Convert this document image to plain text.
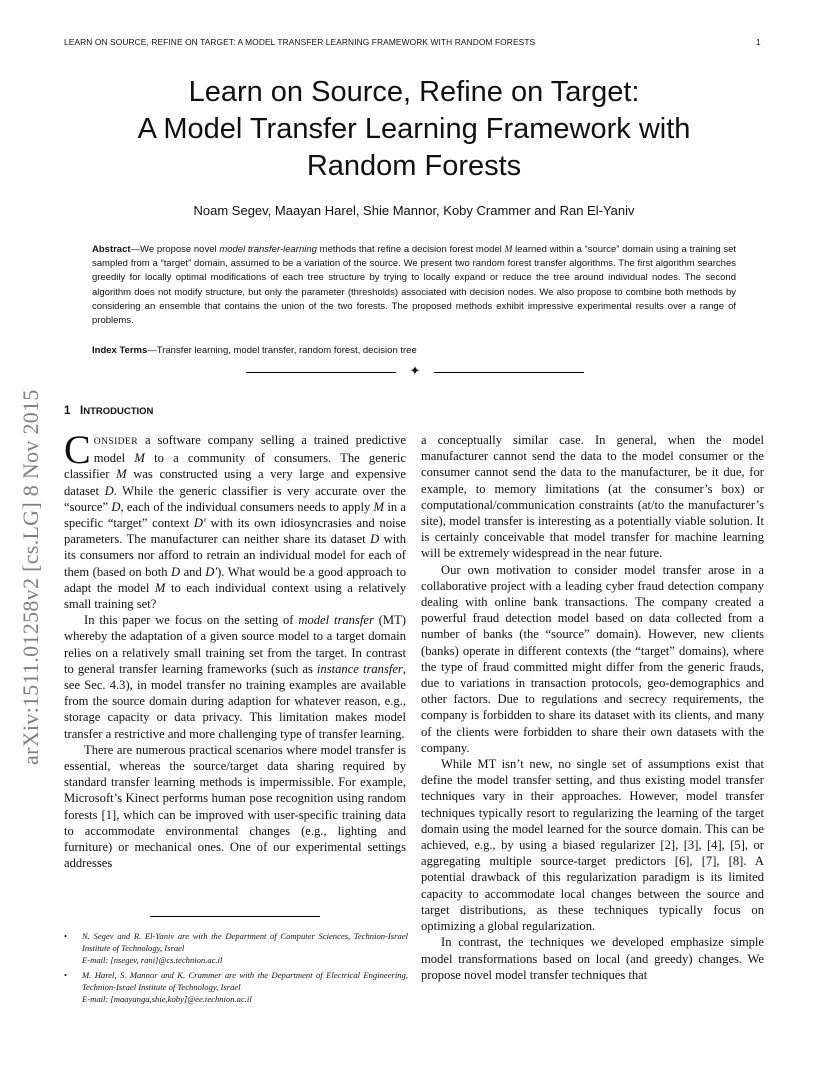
LEARN ON SOURCE, REFINE ON TARGET: A MODEL TRANSFER LEARNING FRAMEWORK WITH RANDOM FORESTS	1
arXiv:1511.01258v2 [cs.LG] 8 Nov 2015
Learn on Source, Refine on Target:
A Model Transfer Learning Framework with
Random Forests
Noam Segev, Maayan Harel, Shie Mannor, Koby Crammer and Ran El-Yaniv
Abstract—We propose novel model transfer-learning methods that refine a decision forest model M learned within a “source” domain using a training set sampled from a “target” domain, assumed to be a variation of the source. We present two random forest transfer algorithms. The first algorithm searches greedily for locally optimal modifications of each tree structure by trying to locally expand or reduce the tree around individual nodes. The second algorithm does not modify structure, but only the parameter (thresholds) associated with decision nodes. We also propose to combine both methods by considering an ensemble that contains the union of the two forests. The proposed methods exhibit impressive experimental results over a range of problems.
Index Terms—Transfer learning, model transfer, random forest, decision tree
✦
1 INTRODUCTION

CONSIDER a software company selling a trained predictive model M to a community of consumers. The generic classifier M was constructed using a very large and expensive dataset D. While the generic classifier is very accurate over the “source” D, each of the individual consumers needs to apply M in a specific “target” context D′ with its own idiosyncrasies and noise parameters. The manufacturer can neither share its dataset D with its consumers nor afford to retrain an individual model for each of them (based on both D and D′). What would be a good approach to adapt the model M to each individual context using a relatively small training set?

In this paper we focus on the setting of model transfer (MT) whereby the adaptation of a given source model to a target domain relies on a relatively small training set from the target. In contrast to general transfer learning frameworks (such as instance transfer, see Sec. 4.3), in model transfer no training examples are available from the source domain during adaption for whatever reason, e.g., storage capacity or data privacy. This limitation makes model transfer a restrictive and more challenging type of transfer learning.

There are numerous practical scenarios where model transfer is essential, whereas the source/target data sharing required by standard transfer learning methods is impermissible. For example, Microsoft’s Kinect performs human pose recognition using random forests [1], which can be improved with user-specific training data to accommodate environmental changes (e.g., lighting and furniture) or mechanical ones. One of our experimental settings addresses

a conceptually similar case. In general, when the model manufacturer cannot send the data to the model consumer or the consumer cannot send the data to the manufacturer, be it due, for example, to memory limitations (at the consumer’s box) or computational/communication constraints (at/to the manufacturer’s site), model transfer is interesting as a potentially viable solution. It is certainly conceivable that model transfer for machine learning will be extremely widespread in the near future.

Our own motivation to consider model transfer arose in a collaborative project with a leading cyber fraud detection company dealing with online bank transactions. The company created a powerful fraud detection model based on data collected from a number of banks (the “source” domain). However, new clients (banks) operate in different contexts (the “target” domains), where the type of fraud committed might differ from the generic frauds, due to variations in transaction protocols, geo-demographics and other factors. Due to regulations and secrecy requirements, the company is forbidden to share its dataset with its clients, and many of the clients were forbidden to share their own datasets with the company.

While MT isn’t new, no single set of assumptions exist that define the model transfer setting, and thus existing model transfer techniques vary in their approaches. However, model transfer techniques typically resort to regularizing the learning of the target domain using the model learned for the source domain. This can be achieved, e.g., by using a biased regularizer [2], [3], [4], [5], or aggregating multiple source-target predictors [6], [7], [8]. A potential drawback of this regularization paradigm is its limited capacity to accommodate local changes between the source and target distributions, as these techniques typically focus on optimizing a global regularization.

In contrast, the techniques we developed emphasize simple model transformations based on local (and greedy) changes. We propose novel model transfer techniques that

• N. Segev and R. El-Yaniv are with the Department of Computer Sciences, Technion-Israel Institute of Technology, Israel
E-mail: [nsegev, rani]@cs.technion.ac.il
• M. Harel, S. Mannor and K. Crammer are with the Department of Electrical Engineering, Technion-Israel Institute of Technology, Israel
E-mail: [maayanga,shie,koby]@ee.technion.ac.il
